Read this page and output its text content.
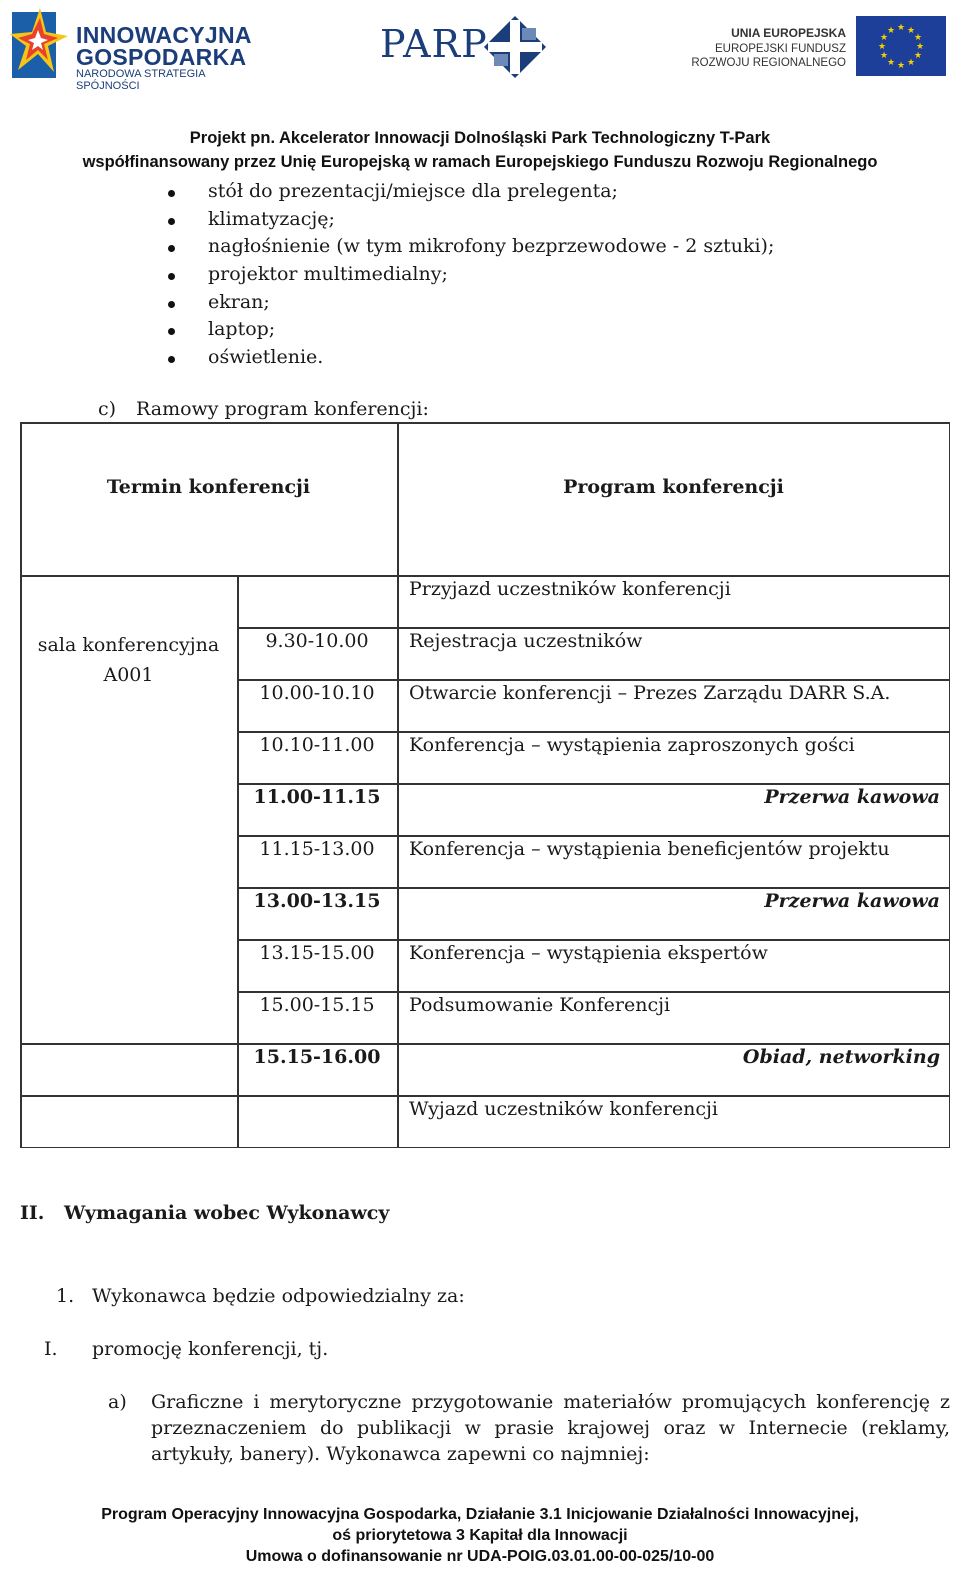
INNOWACYJNA
GOSPODARKA
NARODOWA STRATEGIA SPÓJNOŚCI
PARP	UNIA EUROPEJSKA
EUROPEJSKI FUNDUSZ
ROZWOJU REGIONALNEGO
★ ★
★
★
★
★
★
★
★
★
★
★
Projekt pn. Akcelerator Innowacji Dolnośląski Park Technologiczny T-Park
współfinansowany przez Unię Europejską w ramach Europejskiego Funduszu Rozwoju Regionalnego
stół do prezentacji/miejsce dla prelegenta;
klimatyzację;
nagłośnienie (w tym mikrofony bezprzewodowe - 2 sztuki);
projektor multimedialny;
ekran;
laptop;
oświetlenie.
c) Ramowy program konferencji:
Termin konferencji	Program konferencji
sala konferencyjna
A001
Przyjazd uczestników konferencji
9.30-10.00	Rejestracja uczestników
10.00-10.10	Otwarcie konferencji – Prezes Zarządu DARR S.A.
10.10-11.00	Konferencja – wystąpienia zaproszonych gości
11.00-11.15	Przerwa kawowa
11.15-13.00	Konferencja – wystąpienia beneficjentów projektu
13.00-13.15	Przerwa kawowa
13.15-15.00	Konferencja – wystąpienia ekspertów
15.00-15.15	Podsumowanie Konferencji
15.15-16.00	Obiad, networking
Wyjazd uczestników konferencji
II. Wymagania wobec Wykonawcy
1. Wykonawca będzie odpowiedzialny za:
I. promocję konferencji, tj.
a) Graficzne i merytoryczne przygotowanie materiałów promujących konferencję z
przeznaczeniem do publikacji w prasie krajowej oraz w Internecie (reklamy,
artykuły, banery). Wykonawca zapewni co najmniej:
Program Operacyjny Innowacyjna Gospodarka, Działanie 3.1 Inicjowanie Działalności Innowacyjnej,
oś priorytetowa 3 Kapitał dla Innowacji
Umowa o dofinansowanie nr UDA-POIG.03.01.00-00-025/10-00
